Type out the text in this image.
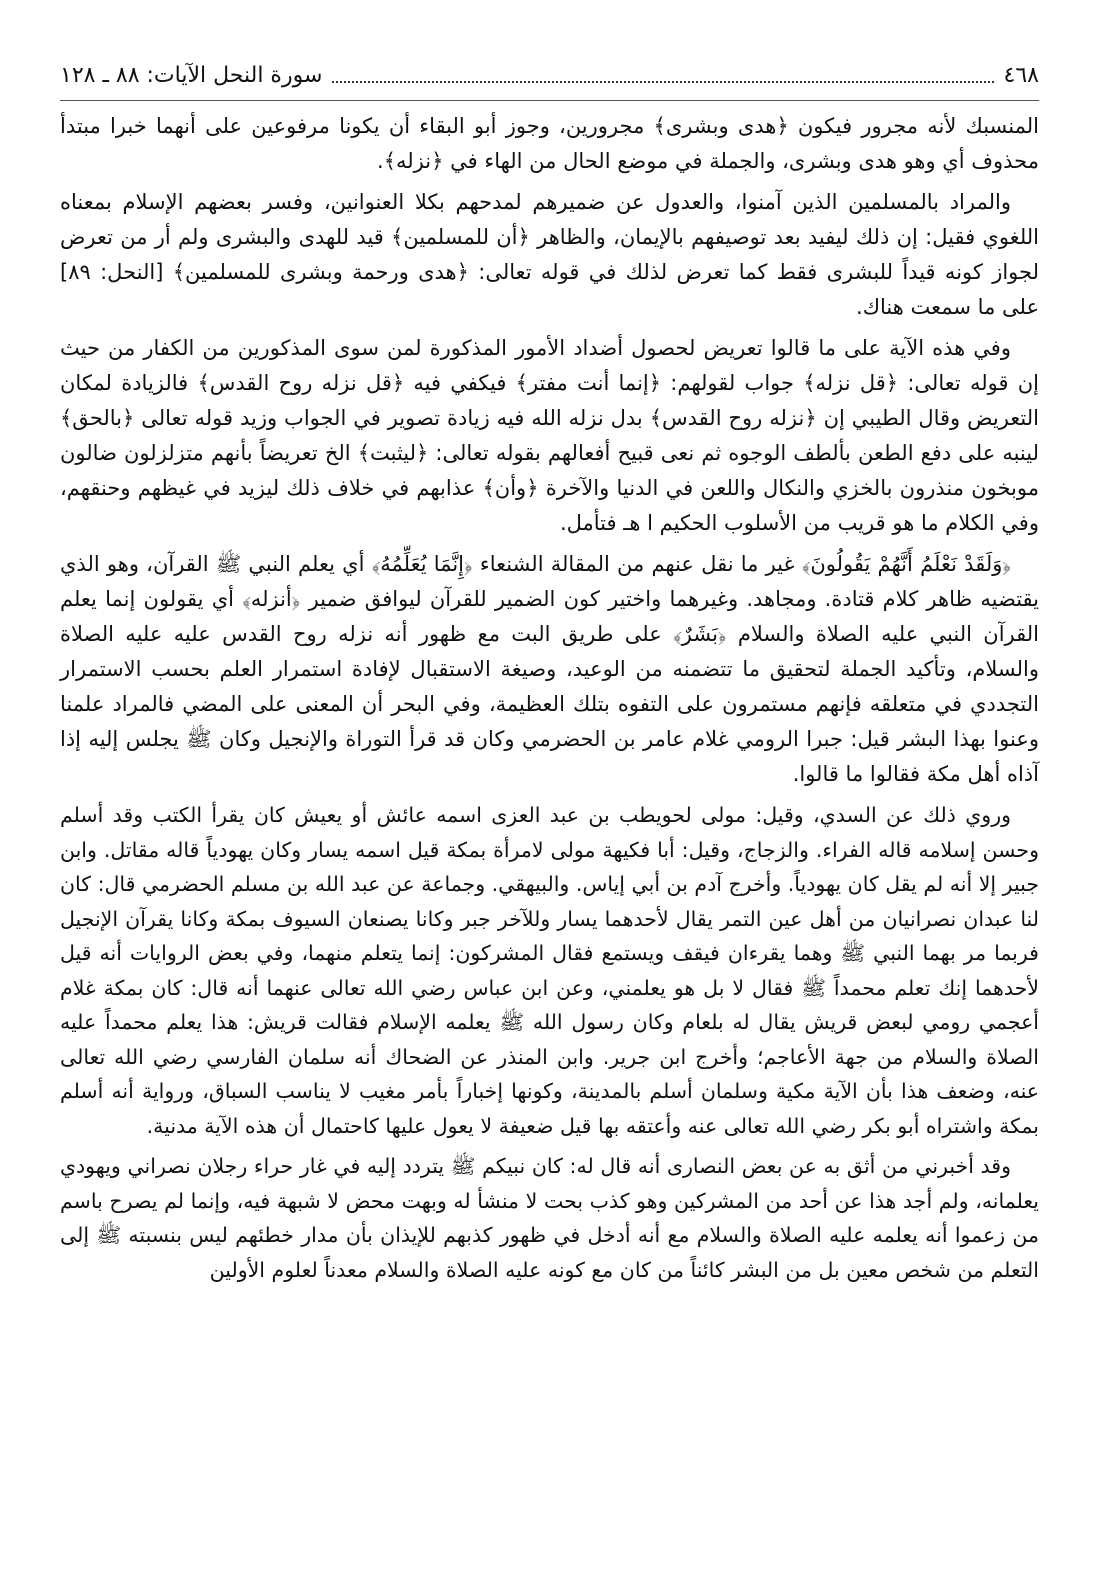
٤٦٨
سورة النحل الآيات: ٨٨ ـ ١٢٨

المنسبك لأنه مجرور فيكون ﴿هدى وبشرى﴾ مجرورين، وجوز أبو البقاء أن يكونا مرفوعين على أنهما خبرا مبتدأ محذوف أي وهو هدى وبشرى، والجملة في موضع الحال من الهاء في ﴿نزله﴾.

والمراد بالمسلمين الذين آمنوا، والعدول عن ضميرهم لمدحهم بكلا العنوانين، وفسر بعضهم الإسلام بمعناه اللغوي فقيل: إن ذلك ليفيد بعد توصيفهم بالإيمان، والظاهر ﴿أن للمسلمين﴾ قيد للهدى والبشرى ولم أر من تعرض لجواز كونه قيداً للبشرى فقط كما تعرض لذلك في قوله تعالى: ﴿هدى ورحمة وبشرى للمسلمين﴾ [النحل: ٨٩] على ما سمعت هناك.

وفي هذه الآية على ما قالوا تعريض لحصول أضداد الأمور المذكورة لمن سوى المذكورين من الكفار من حيث إن قوله تعالى: ﴿قل نزله﴾ جواب لقولهم: ﴿إنما أنت مفتر﴾ فيكفي فيه ﴿قل نزله روح القدس﴾ فالزيادة لمكان التعريض وقال الطيبي إن ﴿نزله روح القدس﴾ بدل نزله الله فيه زيادة تصوير في الجواب وزيد قوله تعالى ﴿بالحق﴾ لينبه على دفع الطعن بألطف الوجوه ثم نعى قبيح أفعالهم بقوله تعالى: ﴿ليثبت﴾ الخ تعريضاً بأنهم متزلزلون ضالون موبخون منذرون بالخزي والنكال واللعن في الدنيا والآخرة ﴿وأن﴾ عذابهم في خلاف ذلك ليزيد في غيظهم وحنقهم، وفي الكلام ما هو قريب من الأسلوب الحكيم ا هـ فتأمل.

﴿وَلَقَدْ نَعْلَمُ أَنَّهُمْ يَقُولُونَ﴾ غير ما نقل عنهم من المقالة الشنعاء ﴿إِنَّمَا يُعَلِّمُهُ﴾ أي يعلم النبي ﷺ القرآن، وهو الذي يقتضيه ظاهر كلام قتادة. ومجاهد. وغيرهما واختير كون الضمير للقرآن ليوافق ضمير ﴿أنزله﴾ أي يقولون إنما يعلم القرآن النبي عليه الصلاة والسلام ﴿بَشَرٌ﴾ على طريق البت مع ظهور أنه نزله روح القدس عليه عليه الصلاة والسلام، وتأكيد الجملة لتحقيق ما تتضمنه من الوعيد، وصيغة الاستقبال لإفادة استمرار العلم بحسب الاستمرار التجددي في متعلقه فإنهم مستمرون على التفوه بتلك العظيمة، وفي البحر أن المعنى على المضي فالمراد علمنا وعنوا بهذا البشر قيل: جبرا الرومي غلام عامر بن الحضرمي وكان قد قرأ التوراة والإنجيل وكان ﷺ يجلس إليه إذا آذاه أهل مكة فقالوا ما قالوا.

وروي ذلك عن السدي، وقيل: مولى لحويطب بن عبد العزى اسمه عائش أو يعيش كان يقرأ الكتب وقد أسلم وحسن إسلامه قاله الفراء. والزجاج، وقيل: أبا فكيهة مولى لامرأة بمكة قيل اسمه يسار وكان يهودياً قاله مقاتل. وابن جبير إلا أنه لم يقل كان يهودياً. وأخرج آدم بن أبي إياس. والبيهقي. وجماعة عن عبد الله بن مسلم الحضرمي قال: كان لنا عبدان نصرانيان من أهل عين التمر يقال لأحدهما يسار وللآخر جبر وكانا يصنعان السيوف بمكة وكانا يقرآن الإنجيل فربما مر بهما النبي ﷺ وهما يقرءان فيقف ويستمع فقال المشركون: إنما يتعلم منهما، وفي بعض الروايات أنه قيل لأحدهما إنك تعلم محمداً ﷺ فقال لا بل هو يعلمني، وعن ابن عباس رضي الله تعالى عنهما أنه قال: كان بمكة غلام أعجمي رومي لبعض قريش يقال له بلعام وكان رسول الله ﷺ يعلمه الإسلام فقالت قريش: هذا يعلم محمداً عليه الصلاة والسلام من جهة الأعاجم؛ وأخرج ابن جرير. وابن المنذر عن الضحاك أنه سلمان الفارسي رضي الله تعالى عنه، وضعف هذا بأن الآية مكية وسلمان أسلم بالمدينة، وكونها إخباراً بأمر مغيب لا يناسب السباق، ورواية أنه أسلم بمكة واشتراه أبو بكر رضي الله تعالى عنه وأعتقه بها قيل ضعيفة لا يعول عليها كاحتمال أن هذه الآية مدنية.

وقد أخبرني من أثق به عن بعض النصارى أنه قال له: كان نبيكم ﷺ يتردد إليه في غار حراء رجلان نصراني ويهودي يعلمانه، ولم أجد هذا عن أحد من المشركين وهو كذب بحت لا منشأ له وبهت محض لا شبهة فيه، وإنما لم يصرح باسم من زعموا أنه يعلمه عليه الصلاة والسلام مع أنه أدخل في ظهور كذبهم للإيذان بأن مدار خطئهم ليس بنسبته ﷺ إلى التعلم من شخص معين بل من البشر كائناً من كان مع كونه عليه الصلاة والسلام معدناً لعلوم الأولين
